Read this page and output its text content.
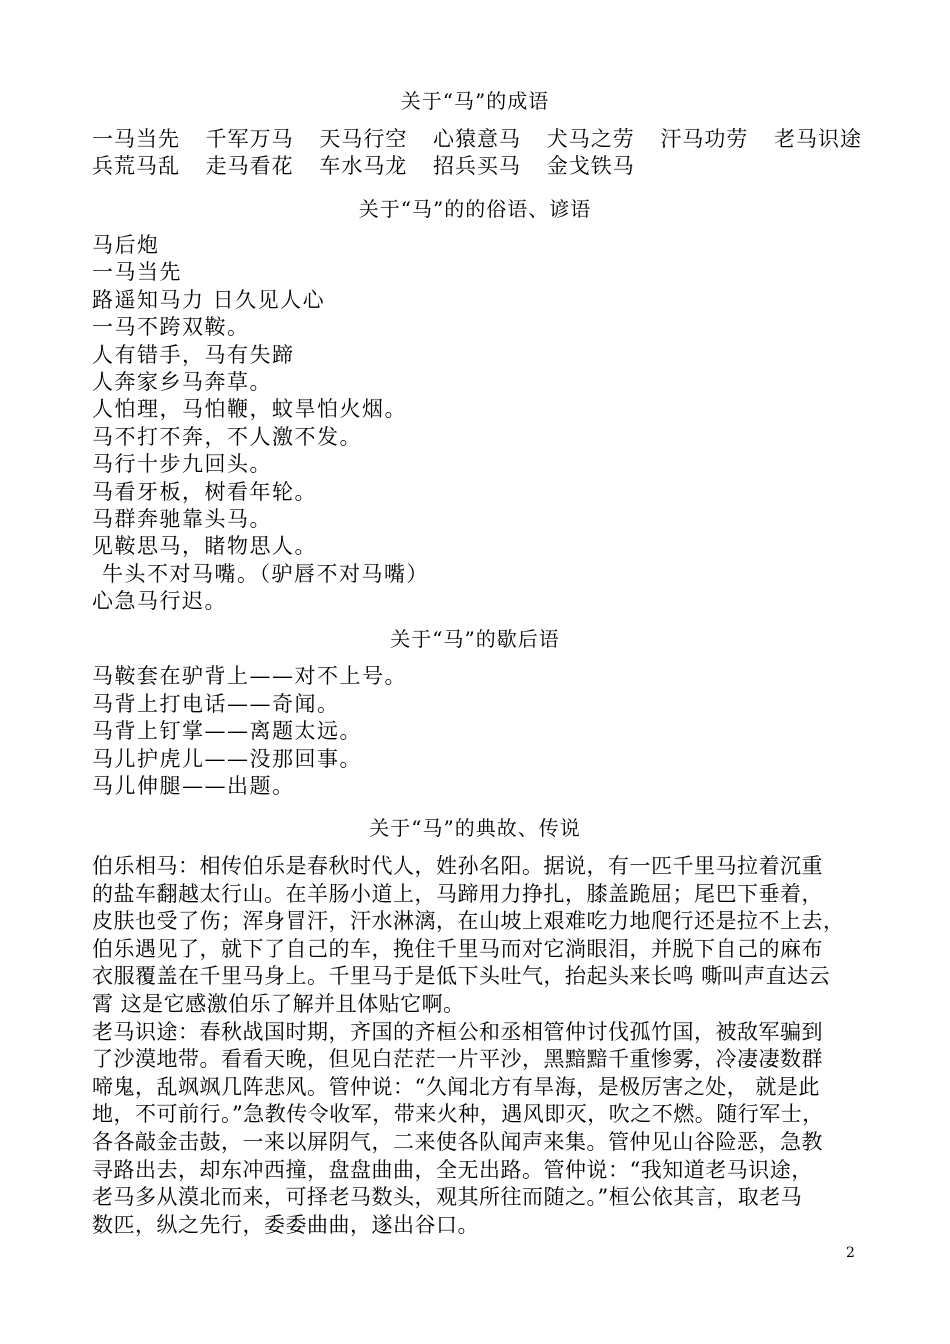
关于“马”的成语

一马当先 千军万马 天马行空 心猿意马 犬马之劳 汗马功劳 老马识途

兵荒马乱 走马看花 车水马龙 招兵买马 金戈铁马

关于“马”的的俗语、谚语

马后炮

一马当先

路遥知马力 日久见人心

一马不跨双鞍。

人有错手，马有失蹄

人奔家乡马奔草。

人怕理，马怕鞭，蚊旱怕火烟。

马不打不奔，不人激不发。

马行十步九回头。

马看牙板，树看年轮。

马群奔驰靠头马。

见鞍思马，睹物思人。

牛头不对马嘴。（驴唇不对马嘴）

心急马行迟。

关于“马”的歇后语

马鞍套在驴背上——对不上号。

马背上打电话——奇闻。

马背上钉掌——离题太远。

马儿护虎儿——没那回事。

马儿伸腿——出题。

关于“马”的典故、传说

伯乐相马：相传伯乐是春秋时代人，姓孙名阳。据说，有一匹千里马拉着沉重

的盐车翻越太行山。在羊肠小道上，马蹄用力挣扎，膝盖跪屈；尾巴下垂着，

皮肤也受了伤；浑身冒汗，汗水淋漓，在山坡上艰难吃力地爬行还是拉不上去，

伯乐遇见了，就下了自己的车，挽住千里马而对它淌眼泪，并脱下自己的麻布

衣服覆盖在千里马身上。千里马于是低下头吐气，抬起头来长鸣 嘶叫声直达云

霄 这是它感激伯乐了解并且体贴它啊。

老马识途：春秋战国时期，齐国的齐桓公和丞相管仲讨伐孤竹国，被敌军骗到

了沙漠地带。看看天晚，但见白茫茫一片平沙，黑黯黯千重惨雾，冷凄凄数群

啼鬼，乱飒飒几阵悲风。管仲说：“久闻北方有旱海，是极厉害之处， 就是此

地，不可前行。”急教传令收军，带来火种，遇风即灭，吹之不燃。随行军士，

各各敲金击鼓，一来以屏阴气，二来使各队闻声来集。管仲见山谷险恶，急教

寻路出去，却东冲西撞，盘盘曲曲，全无出路。管仲说：“我知道老马识途，

老马多从漠北而来，可择老马数头，观其所往而随之。”桓公依其言，取老马

数匹，纵之先行，委委曲曲，遂出谷口。

2
